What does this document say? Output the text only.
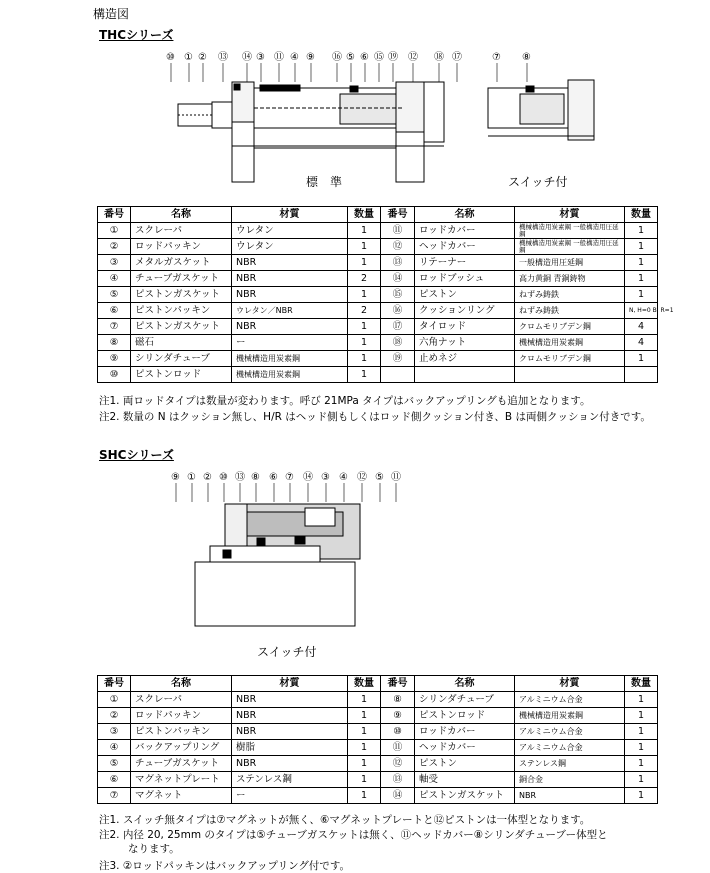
構造図
THCシリーズ
⑩ ① ② ⑬ ⑭ ③ ⑪ ④ ⑨ ⑯ ⑤ ⑥ ⑮ ⑲ ⑫ ⑱ ⑰	⑦ ⑧
標　準	スイッチ付
番号	名称	材質	数量	番号	名称	材質	数量
①	スクレーパ	ウレタン	1	⑪	ロッドカバー	機械構造用炭素鋼 一般構造用圧延鋼	1
②	ロッドパッキン	ウレタン	1	⑫	ヘッドカバー	機械構造用炭素鋼 一般構造用圧延鋼	1
③	メタルガスケット	NBR	1	⑬	リテーナー	一般構造用圧延鋼	1
④	チューブガスケット	NBR	2	⑭	ロッドブッシュ	高力黄銅 青銅鋳物	1
⑤	ピストンガスケット	NBR	1	⑮	ピストン	ねずみ鋳鉄	1
⑥	ピストンパッキン	ウレタン／NBR	2	⑯	クッションリング	ねずみ鋳鉄	N, H=0 B, R=1
⑦	ピストンガスケット	NBR	1	⑰	タイロッド	クロムモリブデン鋼	4
⑧	磁石	ー	1	⑱	六角ナット	機械構造用炭素鋼	4
⑨	シリンダチューブ	機械構造用炭素鋼	1	⑲	止めネジ	クロムモリブデン鋼	1
⑩	ピストンロッド	機械構造用炭素鋼	1				
注1. 両ロッドタイプは数量が変わります。呼び 21MPa タイプはバックアップリングも追加となります。
注2. 数量の N はクッション無し、H/R はヘッド側もしくはロッド側クッション付き、B は両側クッション付きです。
SHCシリーズ
⑨ ① ② ⑩ ⑬ ⑧ ⑥ ⑦ ⑭ ③ ④ ⑫ ⑤ ⑪
スイッチ付
番号	名称	材質	数量	番号	名称	材質	数量
①	スクレーパ	NBR	1	⑧	シリンダチューブ	アルミニウム合金	1
②	ロッドパッキン	NBR	1	⑨	ピストンロッド	機械構造用炭素鋼	1
③	ピストンパッキン	NBR	1	⑩	ロッドカバー	アルミニウム合金	1
④	バックアップリング	樹脂	1	⑪	ヘッドカバー	アルミニウム合金	1
⑤	チューブガスケット	NBR	1	⑫	ピストン	ステンレス鋼	1
⑥	マグネットプレート	ステンレス鋼	1	⑬	軸受	銅合金	1
⑦	マグネット	ー	1	⑭	ピストンガスケット	NBR	1
注1. スイッチ無タイプは⑦マグネットが無く、⑥マグネットプレートと⑫ピストンは一体型となります。
注2. 内径 20, 25mm のタイプは⑤チューブガスケットは無く、⑪ヘッドカバー⑧シリンダチューブー体型と
なります。
注3. ②ロッドパッキンはバックアップリング付です。
